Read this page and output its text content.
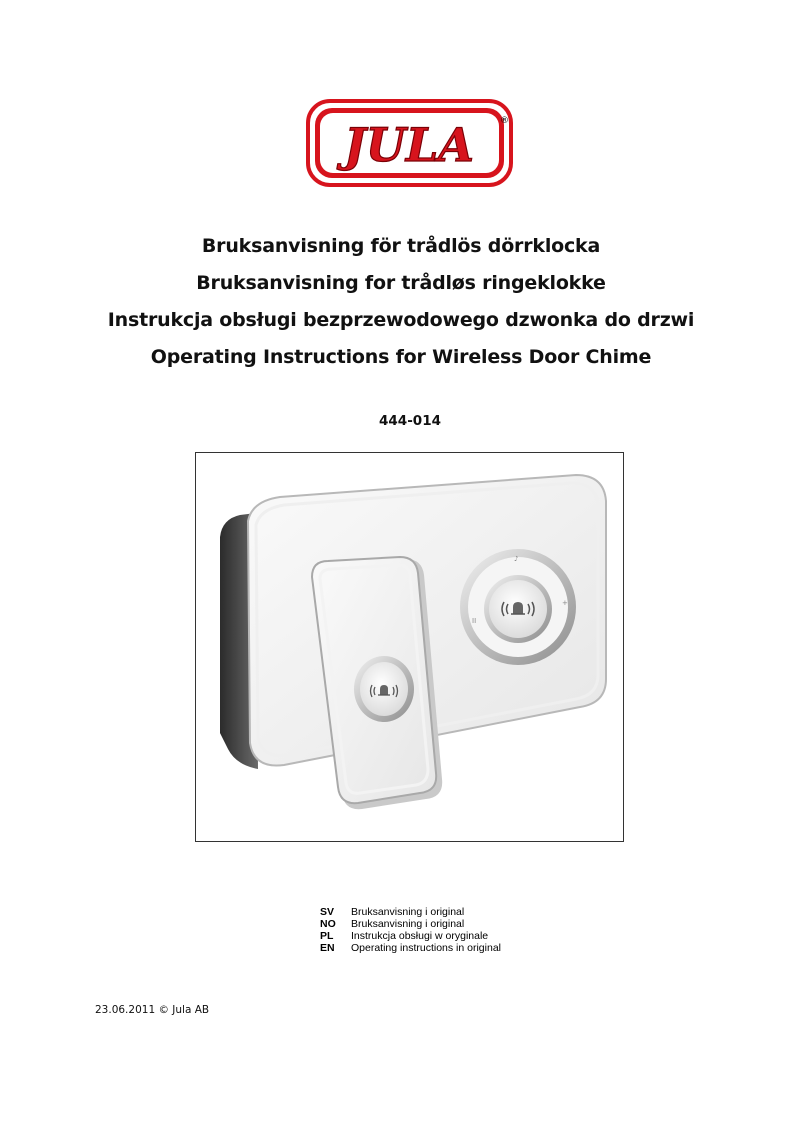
JULA	®
Bruksanvisning för trådlös dörrklocka
Bruksanvisning for trådløs ringeklokke
Instrukcja obsługi bezprzewodowego dzwonka do drzwi
Operating Instructions for Wireless Door Chime
444-014
♪
II
+
SV	Bruksanvisning i original
NO	Bruksanvisning i original
PL	Instrukcja obsługi w oryginale
EN	Operating instructions in original
23.06.2011 © Jula AB
